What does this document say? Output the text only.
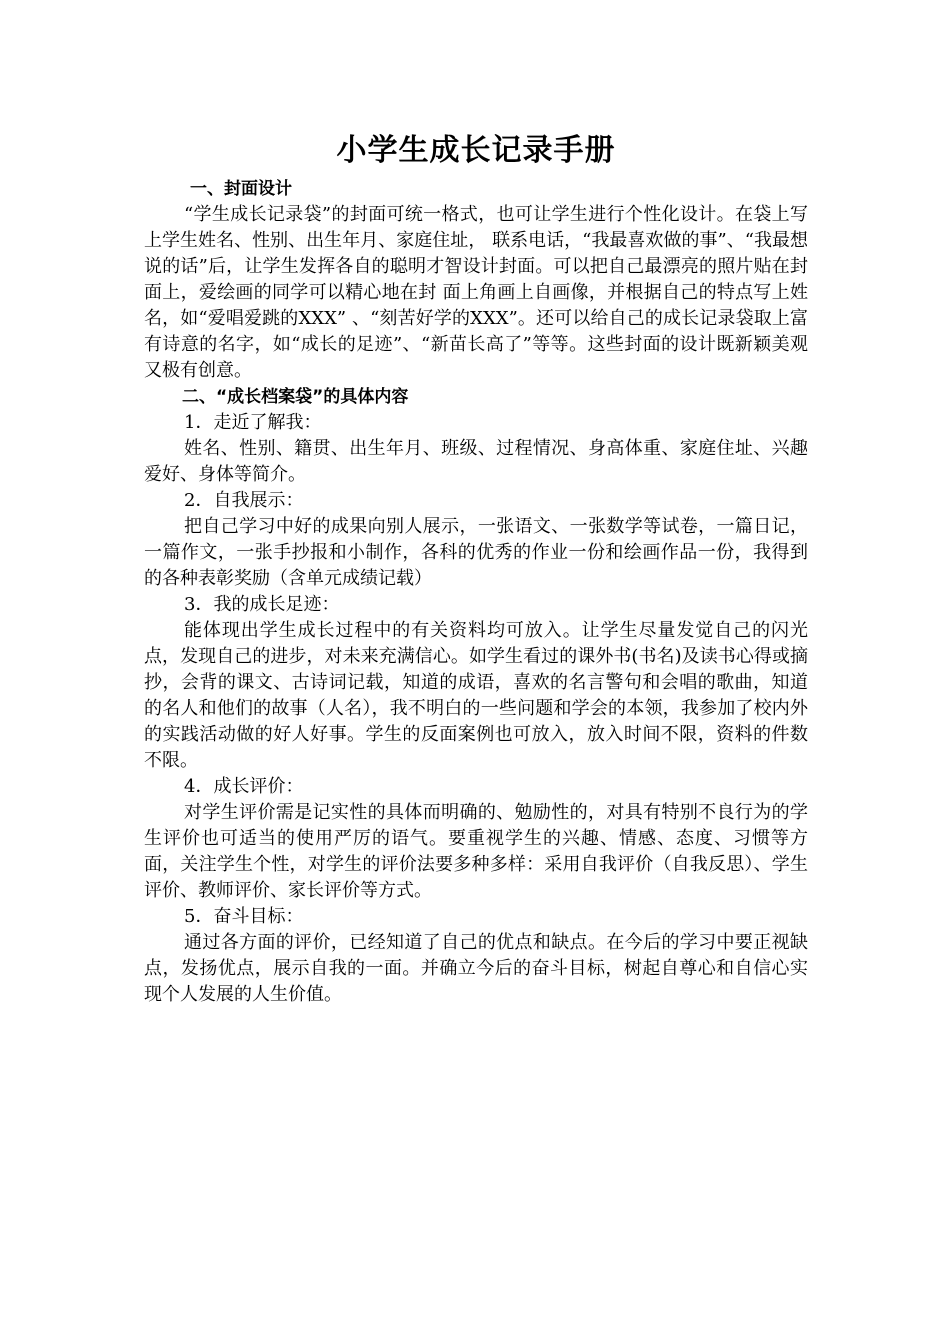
小学生成长记录手册

一、封面设计

“学生成长记录袋”的封面可统一格式，也可让学生进行个性化设计。在袋上写上学生姓名、性别、出生年月、家庭住址， 联系电话，“我最喜欢做的事”、“我最想说的话”后，让学生发挥各自的聪明才智设计封面。可以把自己最漂亮的照片贴在封面上，爱绘画的同学可以精心地在封 面上角画上自画像，并根据自己的特点写上姓名，如“爱唱爱跳的XXX” 、“刻苦好学的XXX”。还可以给自己的成长记录袋取上富有诗意的名字，如“成长的足迹”、“新苗长高了”等等。这些封面的设计既新颖美观又极有创意。

二、“成长档案袋”的具体内容

1．走近了解我：

姓名、性别、籍贯、出生年月、班级、过程情况、身高体重、家庭住址、兴趣爱好、身体等简介。

2．自我展示：

把自己学习中好的成果向别人展示，一张语文、一张数学等试卷，一篇日记，一篇作文，一张手抄报和小制作，各科的优秀的作业一份和绘画作品一份，我得到的各种表彰奖励（含单元成绩记载）

3．我的成长足迹：

能体现出学生成长过程中的有关资料均可放入。让学生尽量发觉自己的闪光点，发现自己的进步，对未来充满信心。如学生看过的课外书(书名)及读书心得或摘抄，会背的课文、古诗词记载，知道的成语，喜欢的名言警句和会唱的歌曲，知道的名人和他们的故事（人名），我不明白的一些问题和学会的本领，我参加了校内外的实践活动做的好人好事。学生的反面案例也可放入，放入时间不限，资料的件数不限。

4．成长评价：

对学生评价需是记实性的具体而明确的、勉励性的，对具有特别不良行为的学生评价也可适当的使用严厉的语气。要重视学生的兴趣、情感、态度、习惯等方面，关注学生个性，对学生的评价法要多种多样：采用自我评价（自我反思）、学生评价、教师评价、家长评价等方式。

5．奋斗目标：

通过各方面的评价，已经知道了自己的优点和缺点。在今后的学习中要正视缺点，发扬优点，展示自我的一面。并确立今后的奋斗目标，树起自尊心和自信心实现个人发展的人生价值。
